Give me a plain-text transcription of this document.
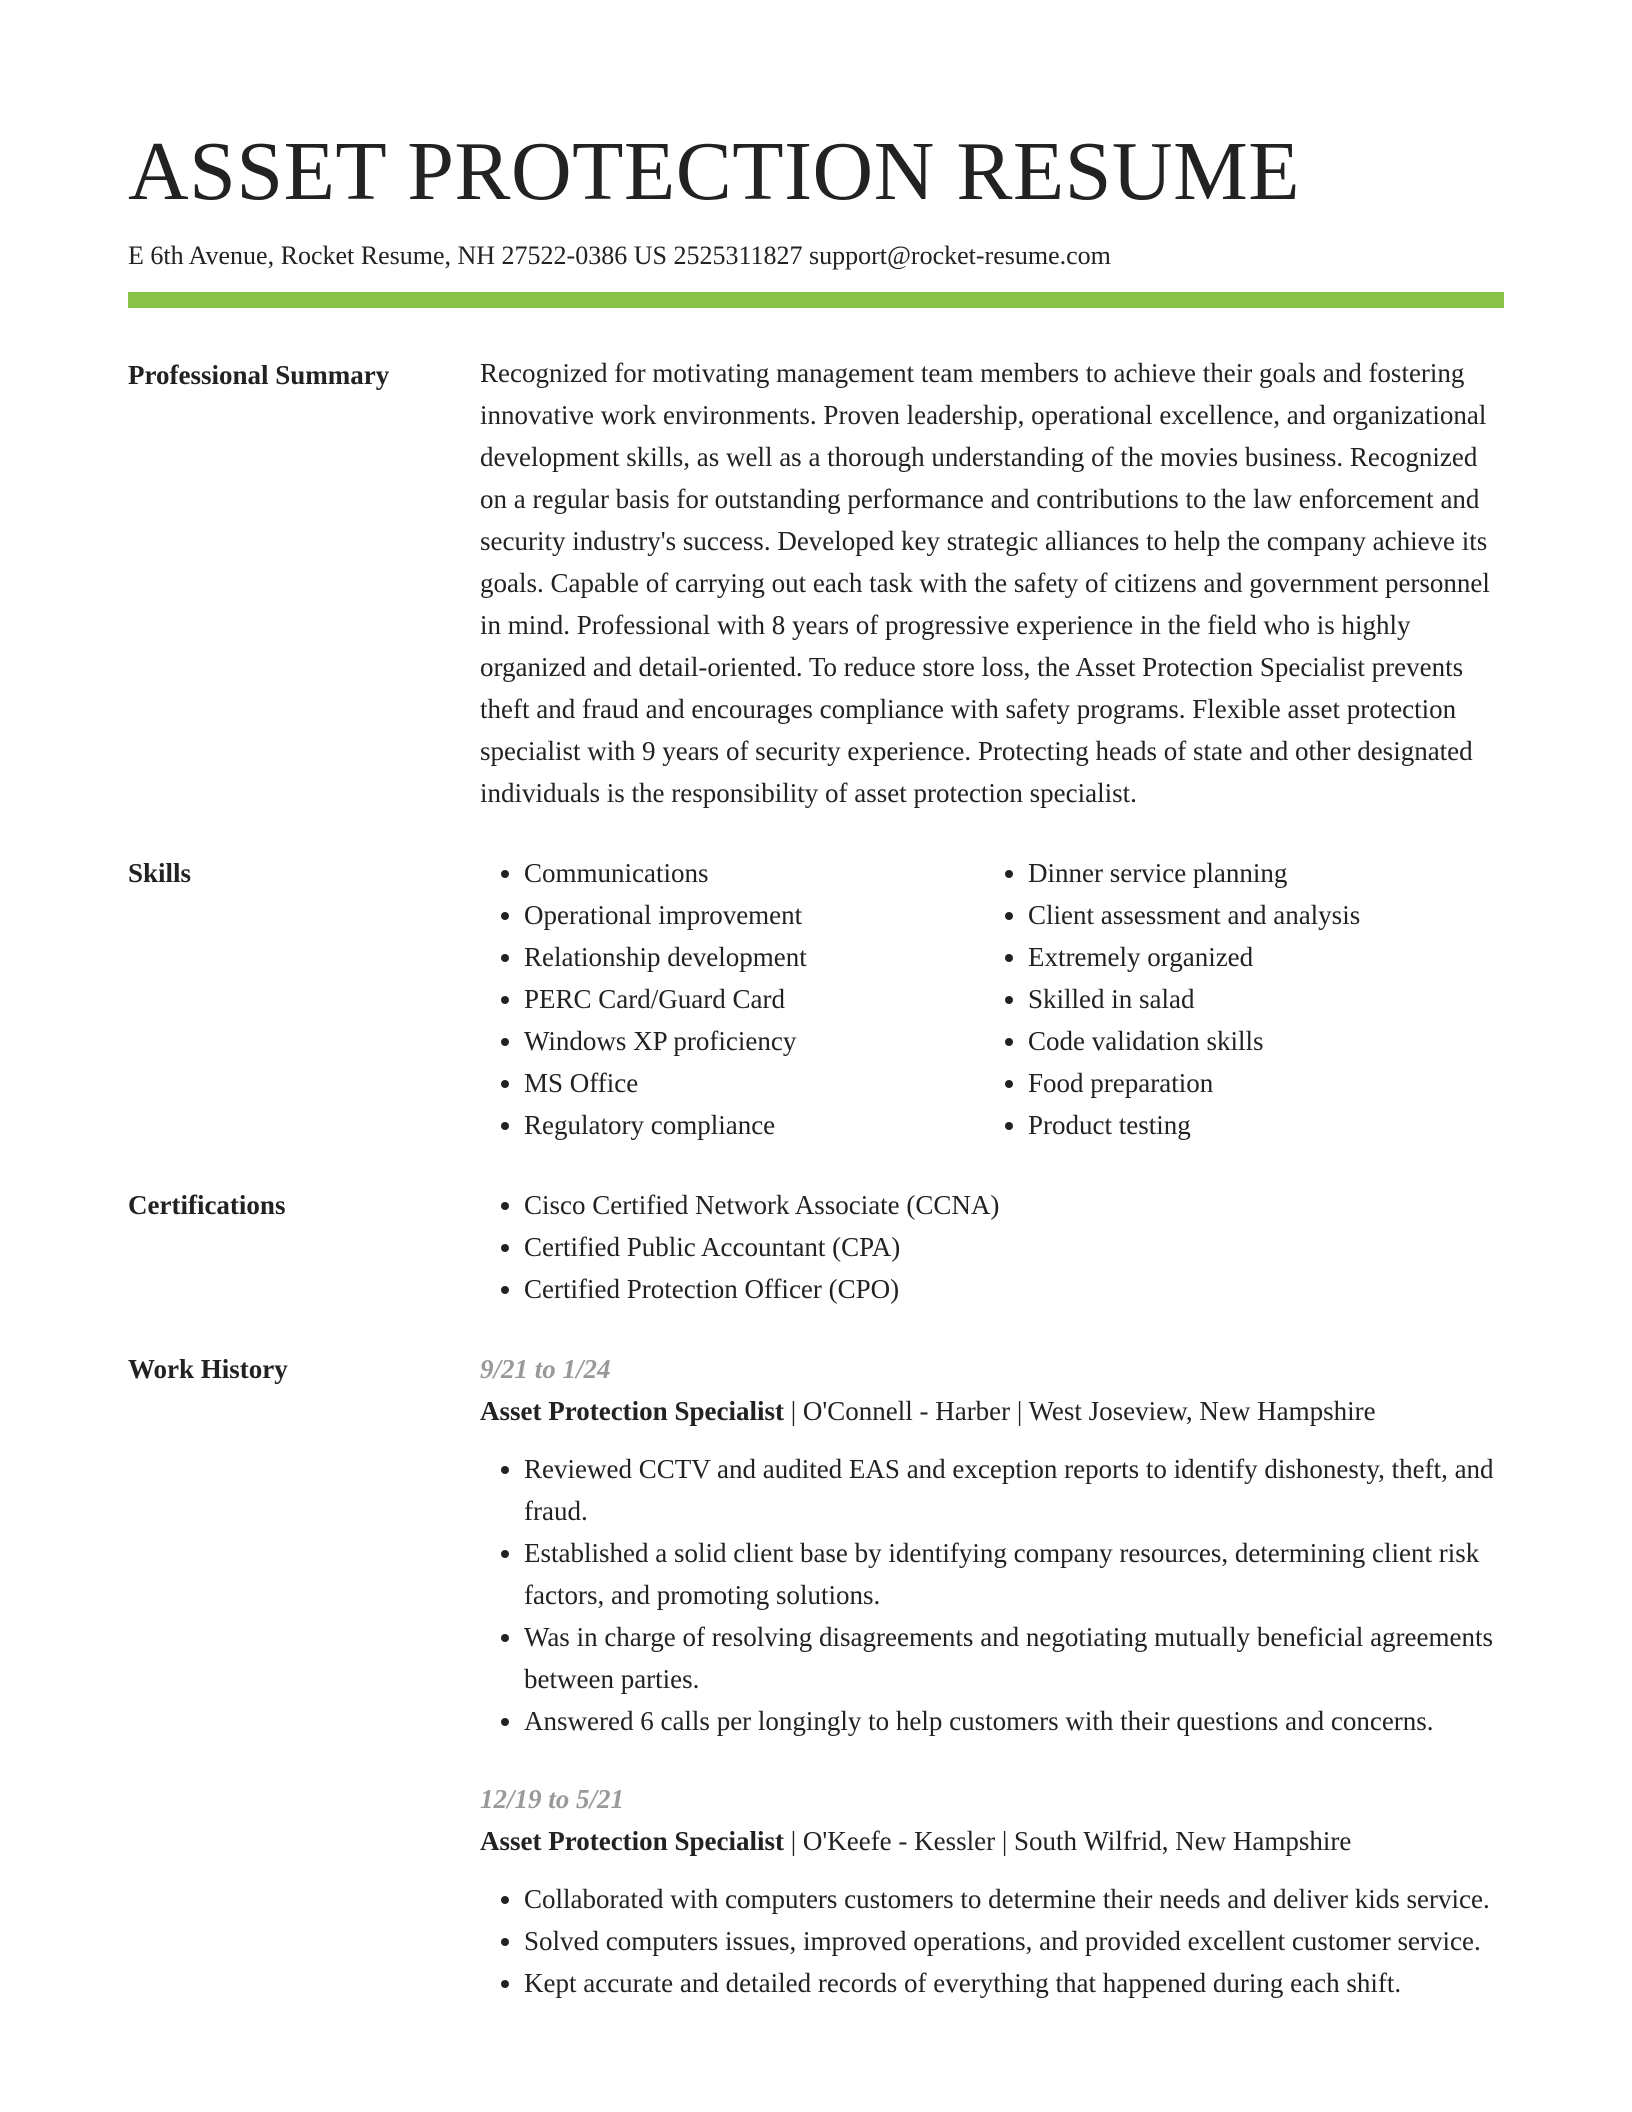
ASSET PROTECTION RESUME
E 6th Avenue, Rocket Resume, NH 27522-0386 US 2525311827 support@rocket-resume.com
Professional Summary	Recognized for motivating management team members to achieve their goals and fostering innovative work environments. Proven leadership, operational excellence, and organizational development skills, as well as a thorough understanding of the movies business. Recognized on a regular basis for outstanding performance and contributions to the law enforcement and security industry's success. Developed key strategic alliances to help the company achieve its goals. Capable of carrying out each task with the safety of citizens and government personnel in mind. Professional with 8 years of progressive experience in the field who is highly organized and detail-oriented. To reduce store loss, the Asset Protection Specialist prevents theft and fraud and encourages compliance with safety programs. Flexible asset protection specialist with 9 years of security experience. Protecting heads of state and other designated individuals is the responsibility of asset protection specialist.

Skills	• Communications
• Operational improvement
• Relationship development
• PERC Card/Guard Card
• Windows XP proficiency
• MS Office
• Regulatory compliance
• Dinner service planning
• Client assessment and analysis
• Extremely organized
• Skilled in salad
• Code validation skills
• Food preparation
• Product testing
Certifications	• Cisco Certified Network Associate (CCNA)
• Certified Public Accountant (CPA)
• Certified Protection Officer (CPO)
Work History	9/21 to 1/24
Asset Protection Specialist | O'Connell - Harber | West Joseview, New Hampshire
• Reviewed CCTV and audited EAS and exception reports to identify dishonesty, theft, and fraud.
• Established a solid client base by identifying company resources, determining client risk factors, and promoting solutions.
• Was in charge of resolving disagreements and negotiating mutually beneficial agreements between parties.
• Answered 6 calls per longingly to help customers with their questions and concerns.
12/19 to 5/21
Asset Protection Specialist | O'Keefe - Kessler | South Wilfrid, New Hampshire
• Collaborated with computers customers to determine their needs and deliver kids service.
• Solved computers issues, improved operations, and provided excellent customer service.
• Kept accurate and detailed records of everything that happened during each shift.
